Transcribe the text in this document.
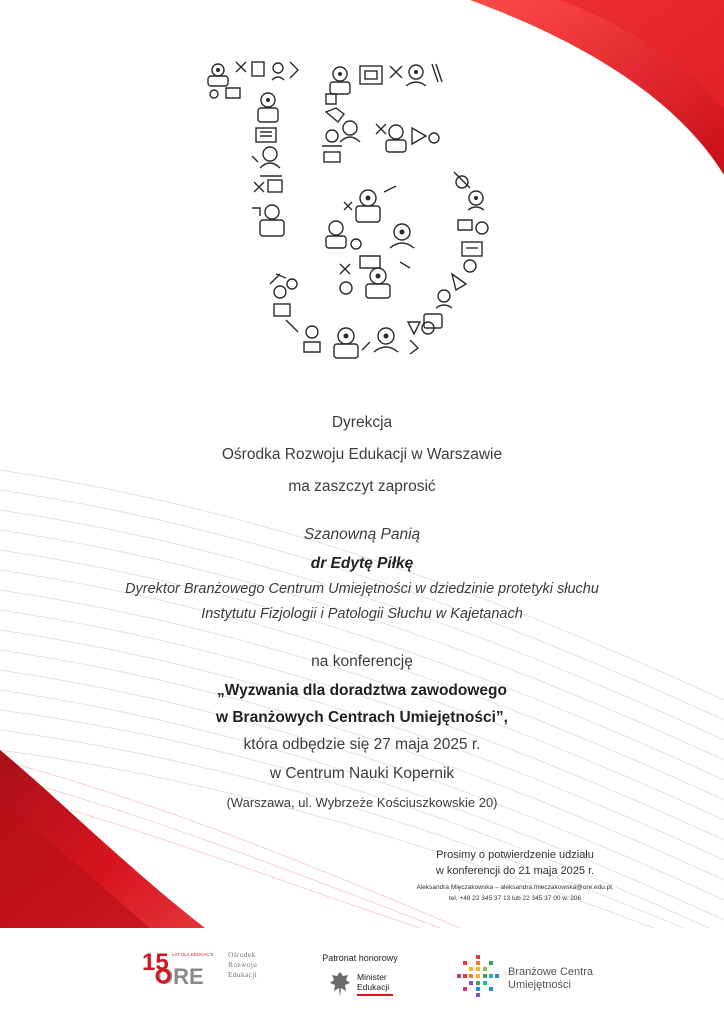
Dyrekcja
Ośrodka Rozwoju Edukacji w Warszawie
ma zaszczyt zaprosić
Szanowną Panią
dr Edytę Piłkę
Dyrektor Branżowego Centrum Umiejętności w dziedzinie protetyki słuchu
Instytutu Fizjologii i Patologii Słuchu w Kajetanach
na konferencję
„Wyzwania dla doradztwa zawodowego
w Branżowych Centrach Umiejętności”,
która odbędzie się 27 maja 2025 r.
w Centrum Nauki Kopernik
(Warszawa, ul. Wybrzeże Kościuszkowskie 20)
Prosimy o potwierdzenie udziału
w konferencji do 21 maja 2025 r.
Aleksandra Mięczakowska – aleksandra.mieczakowska@ore.edu.pl,
tel. +48 22 345 37 13 lub 22 345 37 00 w. 206
15 LAT DLA EDUKACJI
ORE
Ośrodek
Rozwoju
Edukacji
Patronat honorowy
Minister
Edukacji
Branżowe Centra
Umiejętności
